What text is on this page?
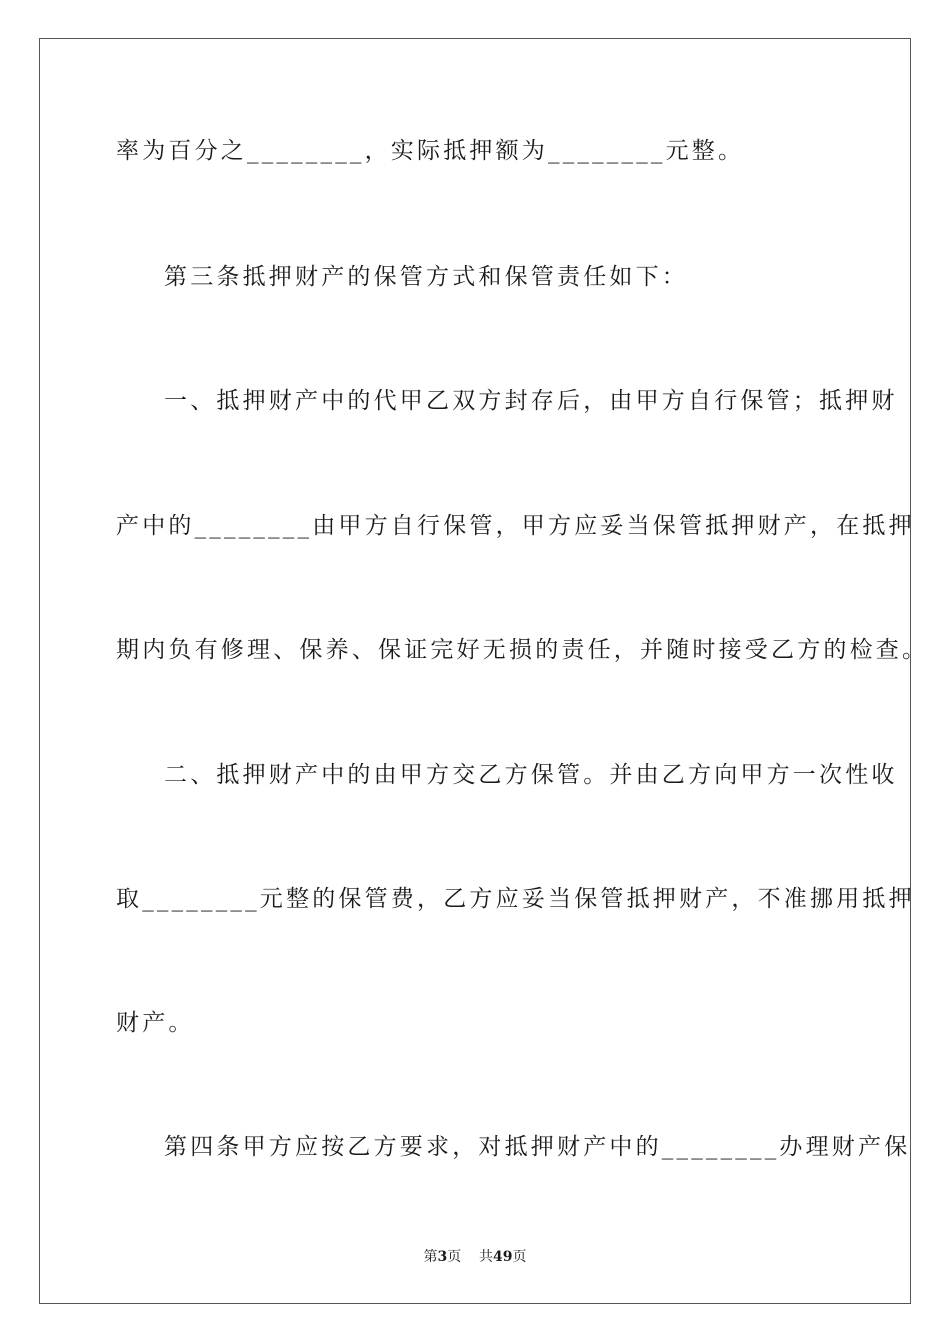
率为百分之________，实际抵押额为________元整。
第三条抵押财产的保管方式和保管责任如下：
一、抵押财产中的代甲乙双方封存后，由甲方自行保管；抵押财
产中的________由甲方自行保管，甲方应妥当保管抵押财产，在抵押
期内负有修理、保养、保证完好无损的责任，并随时接受乙方的检查。
二、抵押财产中的由甲方交乙方保管。并由乙方向甲方一次性收
取________元整的保管费，乙方应妥当保管抵押财产，不准挪用抵押
财产。
第四条甲方应按乙方要求，对抵押财产中的________办理财产保
第3页 共49页
